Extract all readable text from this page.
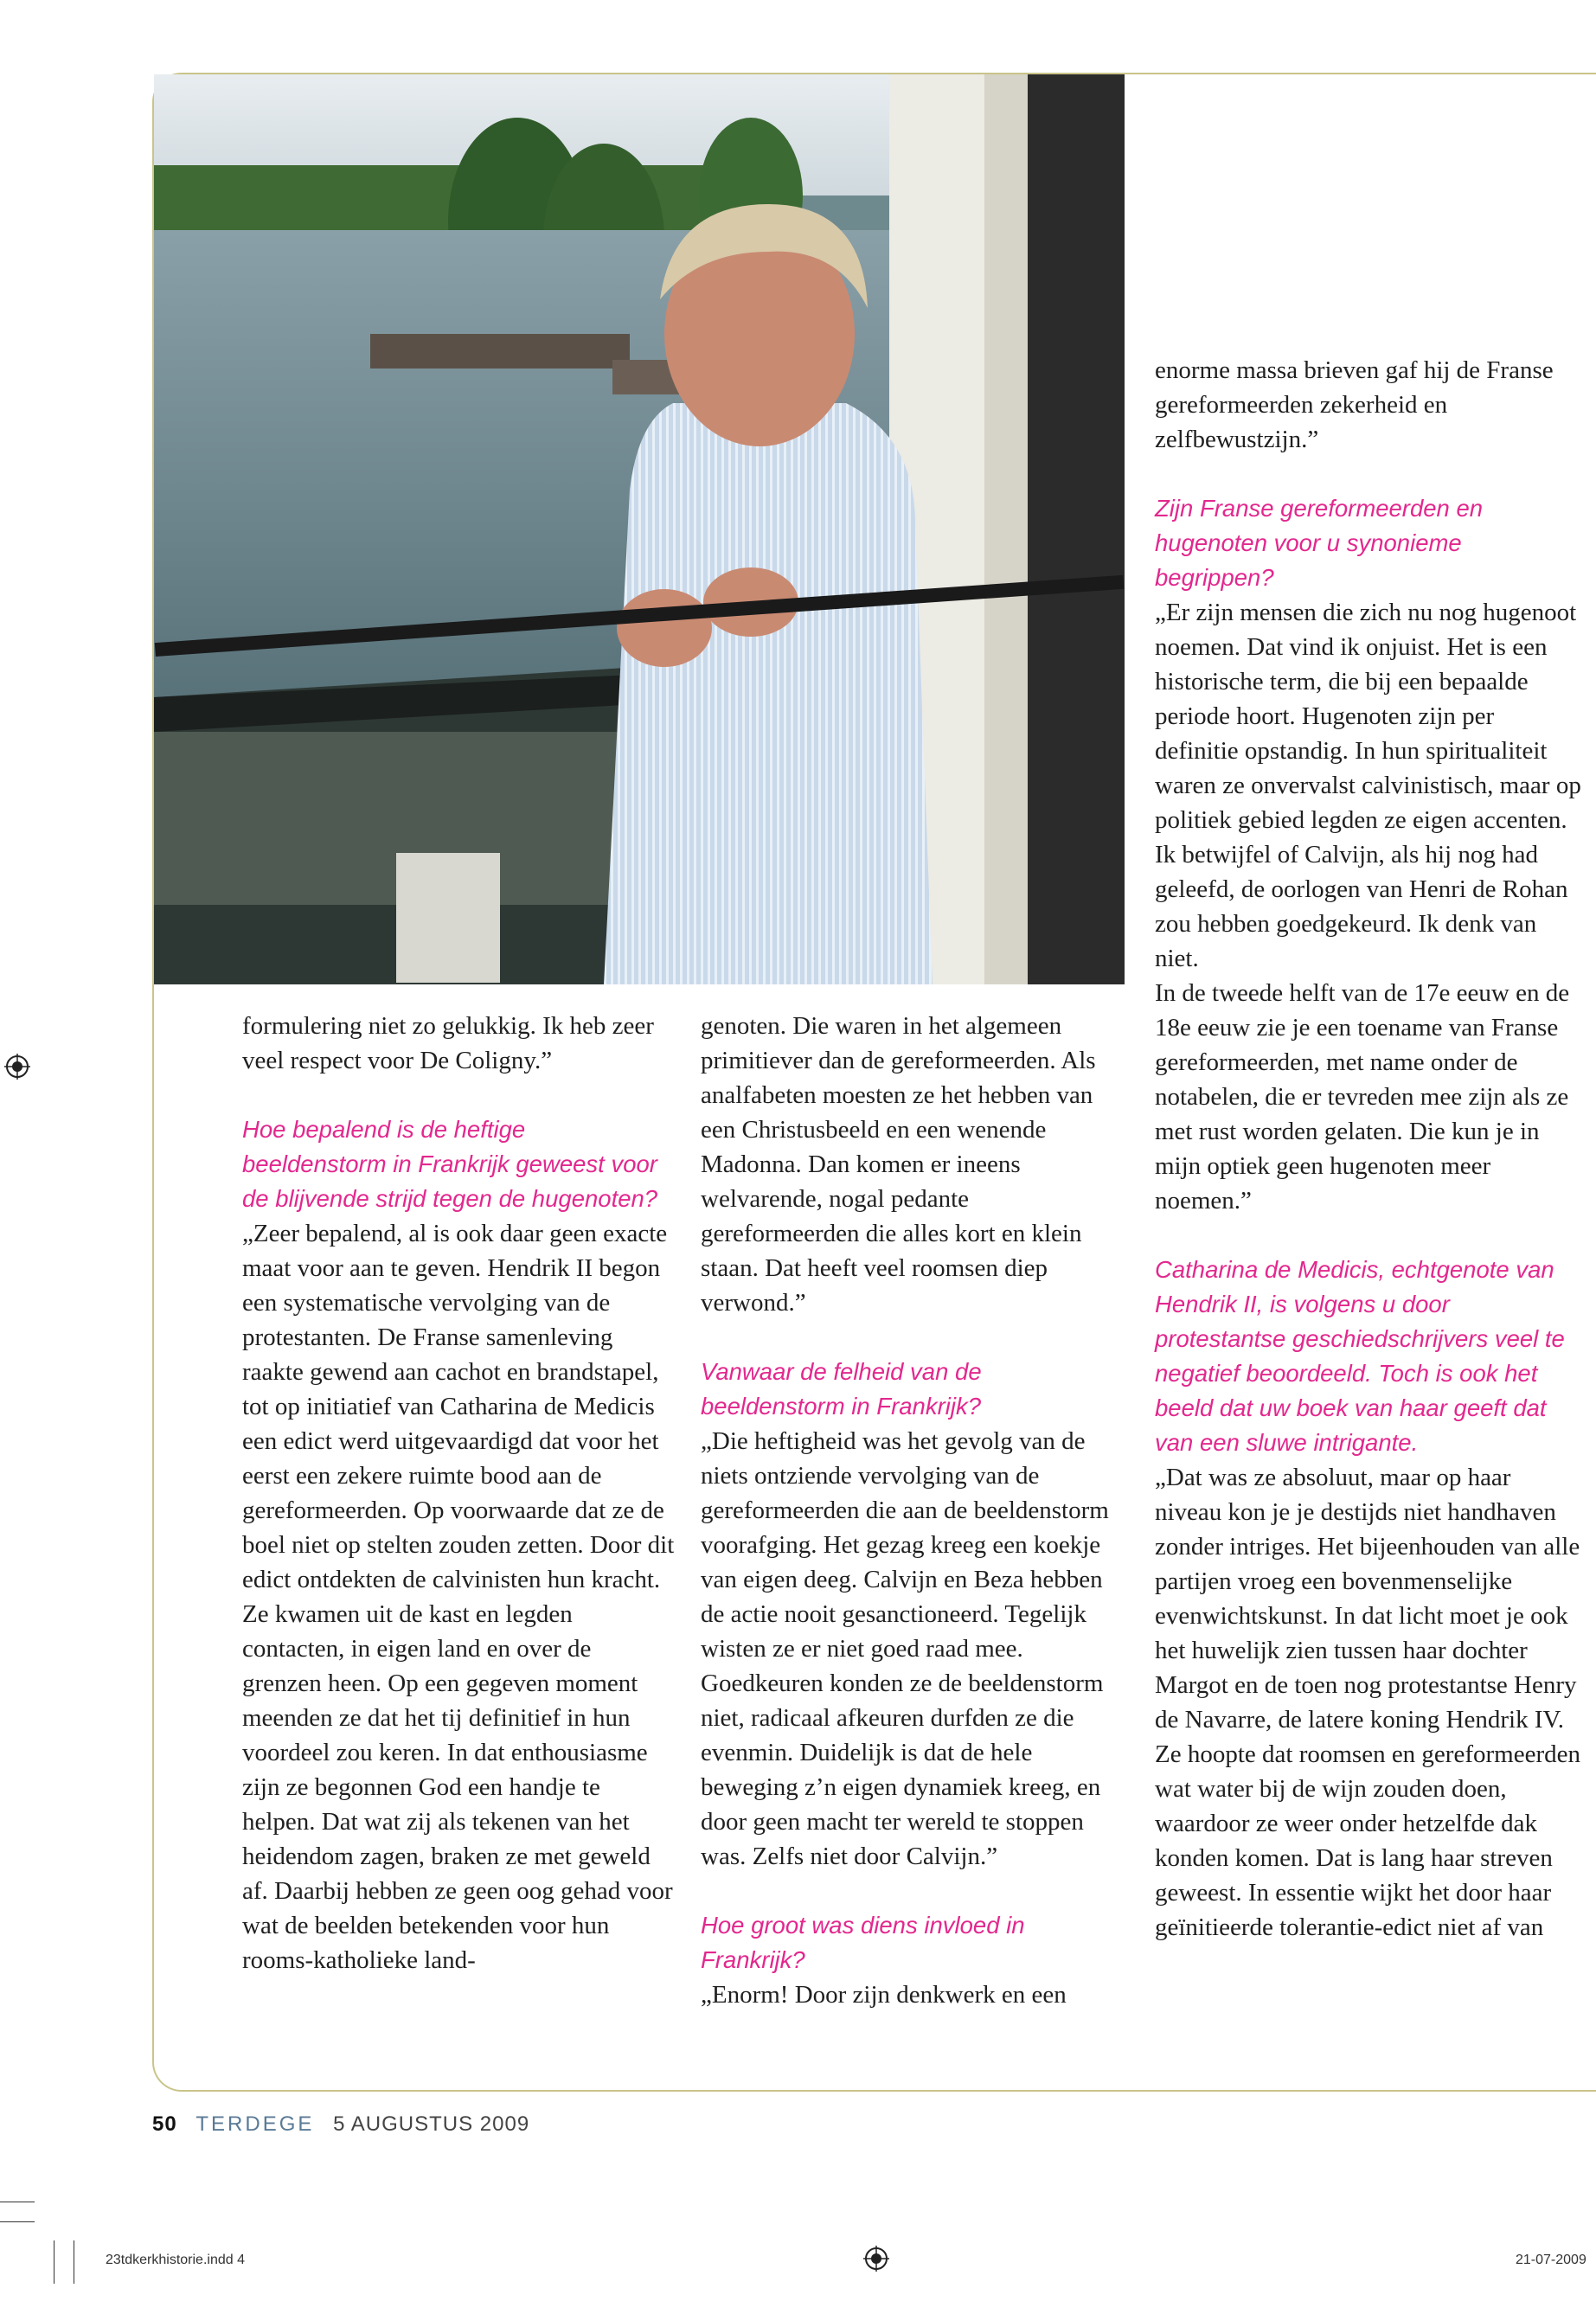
formulering niet zo gelukkig. Ik heb zeer veel respect voor De Coligny.”

Hoe bepalend is de heftige beeldenstorm in Frankrijk geweest voor de blijvende strijd tegen de hugenoten?

„Zeer bepalend, al is ook daar geen exacte maat voor aan te geven. Hendrik II begon een systematische vervolging van de protestanten. De Franse samenleving raakte gewend aan cachot en brandstapel, tot op initiatief van Catharina de Medicis een edict werd uitgevaardigd dat voor het eerst een zekere ruimte bood aan de gereformeerden. Op voorwaarde dat ze de boel niet op stelten zouden zetten. Door dit edict ontdekten de calvinisten hun kracht. Ze kwamen uit de kast en legden contacten, in eigen land en over de grenzen heen. Op een gegeven moment meenden ze dat het tij definitief in hun voordeel zou keren. In dat enthousiasme zijn ze begonnen God een handje te helpen. Dat wat zij als tekenen van het heidendom zagen, braken ze met geweld af. Daarbij hebben ze geen oog gehad voor wat de beelden betekenden voor hun rooms-katholieke land-

genoten. Die waren in het algemeen primitiever dan de gereformeerden. Als analfabeten moesten ze het hebben van een Christusbeeld en een wenende Madonna. Dan komen er ineens welvarende, nogal pedante gereformeerden die alles kort en klein staan. Dat heeft veel roomsen diep verwond.”

Vanwaar de felheid van de beeldenstorm in Frankrijk?

„Die heftigheid was het gevolg van de niets ontziende vervolging van de gereformeerden die aan de beeldenstorm voorafging. Het gezag kreeg een koekje van eigen deeg. Calvijn en Beza hebben de actie nooit gesanctioneerd. Tegelijk wisten ze er niet goed raad mee. Goedkeuren konden ze de beeldenstorm niet, radicaal afkeuren durfden ze die evenmin. Duidelijk is dat de hele beweging z’n eigen dynamiek kreeg, en door geen macht ter wereld te stoppen was. Zelfs niet door Calvijn.”

Hoe groot was diens invloed in Frankrijk?

„Enorm! Door zijn denkwerk en een

enorme massa brieven gaf hij de Franse gereformeerden zekerheid en zelfbewustzijn.”

Zijn Franse gereformeerden en hugenoten voor u synonieme begrippen?

„Er zijn mensen die zich nu nog hugenoot noemen. Dat vind ik onjuist. Het is een historische term, die bij een bepaalde periode hoort. Hugenoten zijn per definitie opstandig. In hun spiritualiteit waren ze onvervalst calvinistisch, maar op politiek gebied legden ze eigen accenten. Ik betwijfel of Calvijn, als hij nog had geleefd, de oorlogen van Henri de Rohan zou hebben goedgekeurd. Ik denk van niet.

In de tweede helft van de 17e eeuw en de 18e eeuw zie je een toename van Franse gereformeerden, met name onder de notabelen, die er tevreden mee zijn als ze met rust worden gelaten. Die kun je in mijn optiek geen hugenoten meer noemen.”

Catharina de Medicis, echtgenote van Hendrik II, is volgens u door protestantse geschiedschrijvers veel te negatief beoordeeld. Toch is ook het beeld dat uw boek van haar geeft dat van een sluwe intrigante.

„Dat was ze absoluut, maar op haar niveau kon je je destijds niet handhaven zonder intriges. Het bijeenhouden van alle partijen vroeg een bovenmenselijke evenwichtskunst. In dat licht moet je ook het huwelijk zien tussen haar dochter Margot en de toen nog protestantse Henry de Navarre, de latere koning Hendrik IV. Ze hoopte dat roomsen en gereformeerden wat water bij de wijn zouden doen, waardoor ze weer onder hetzelfde dak konden komen. Dat is lang haar streven geweest. In essentie wijkt het door haar geïnitieerde tolerantie-edict niet af van

50 TERDEGE 5 AUGUSTUS 2009
23tdkerkhistorie.indd 4	21-07-2009
